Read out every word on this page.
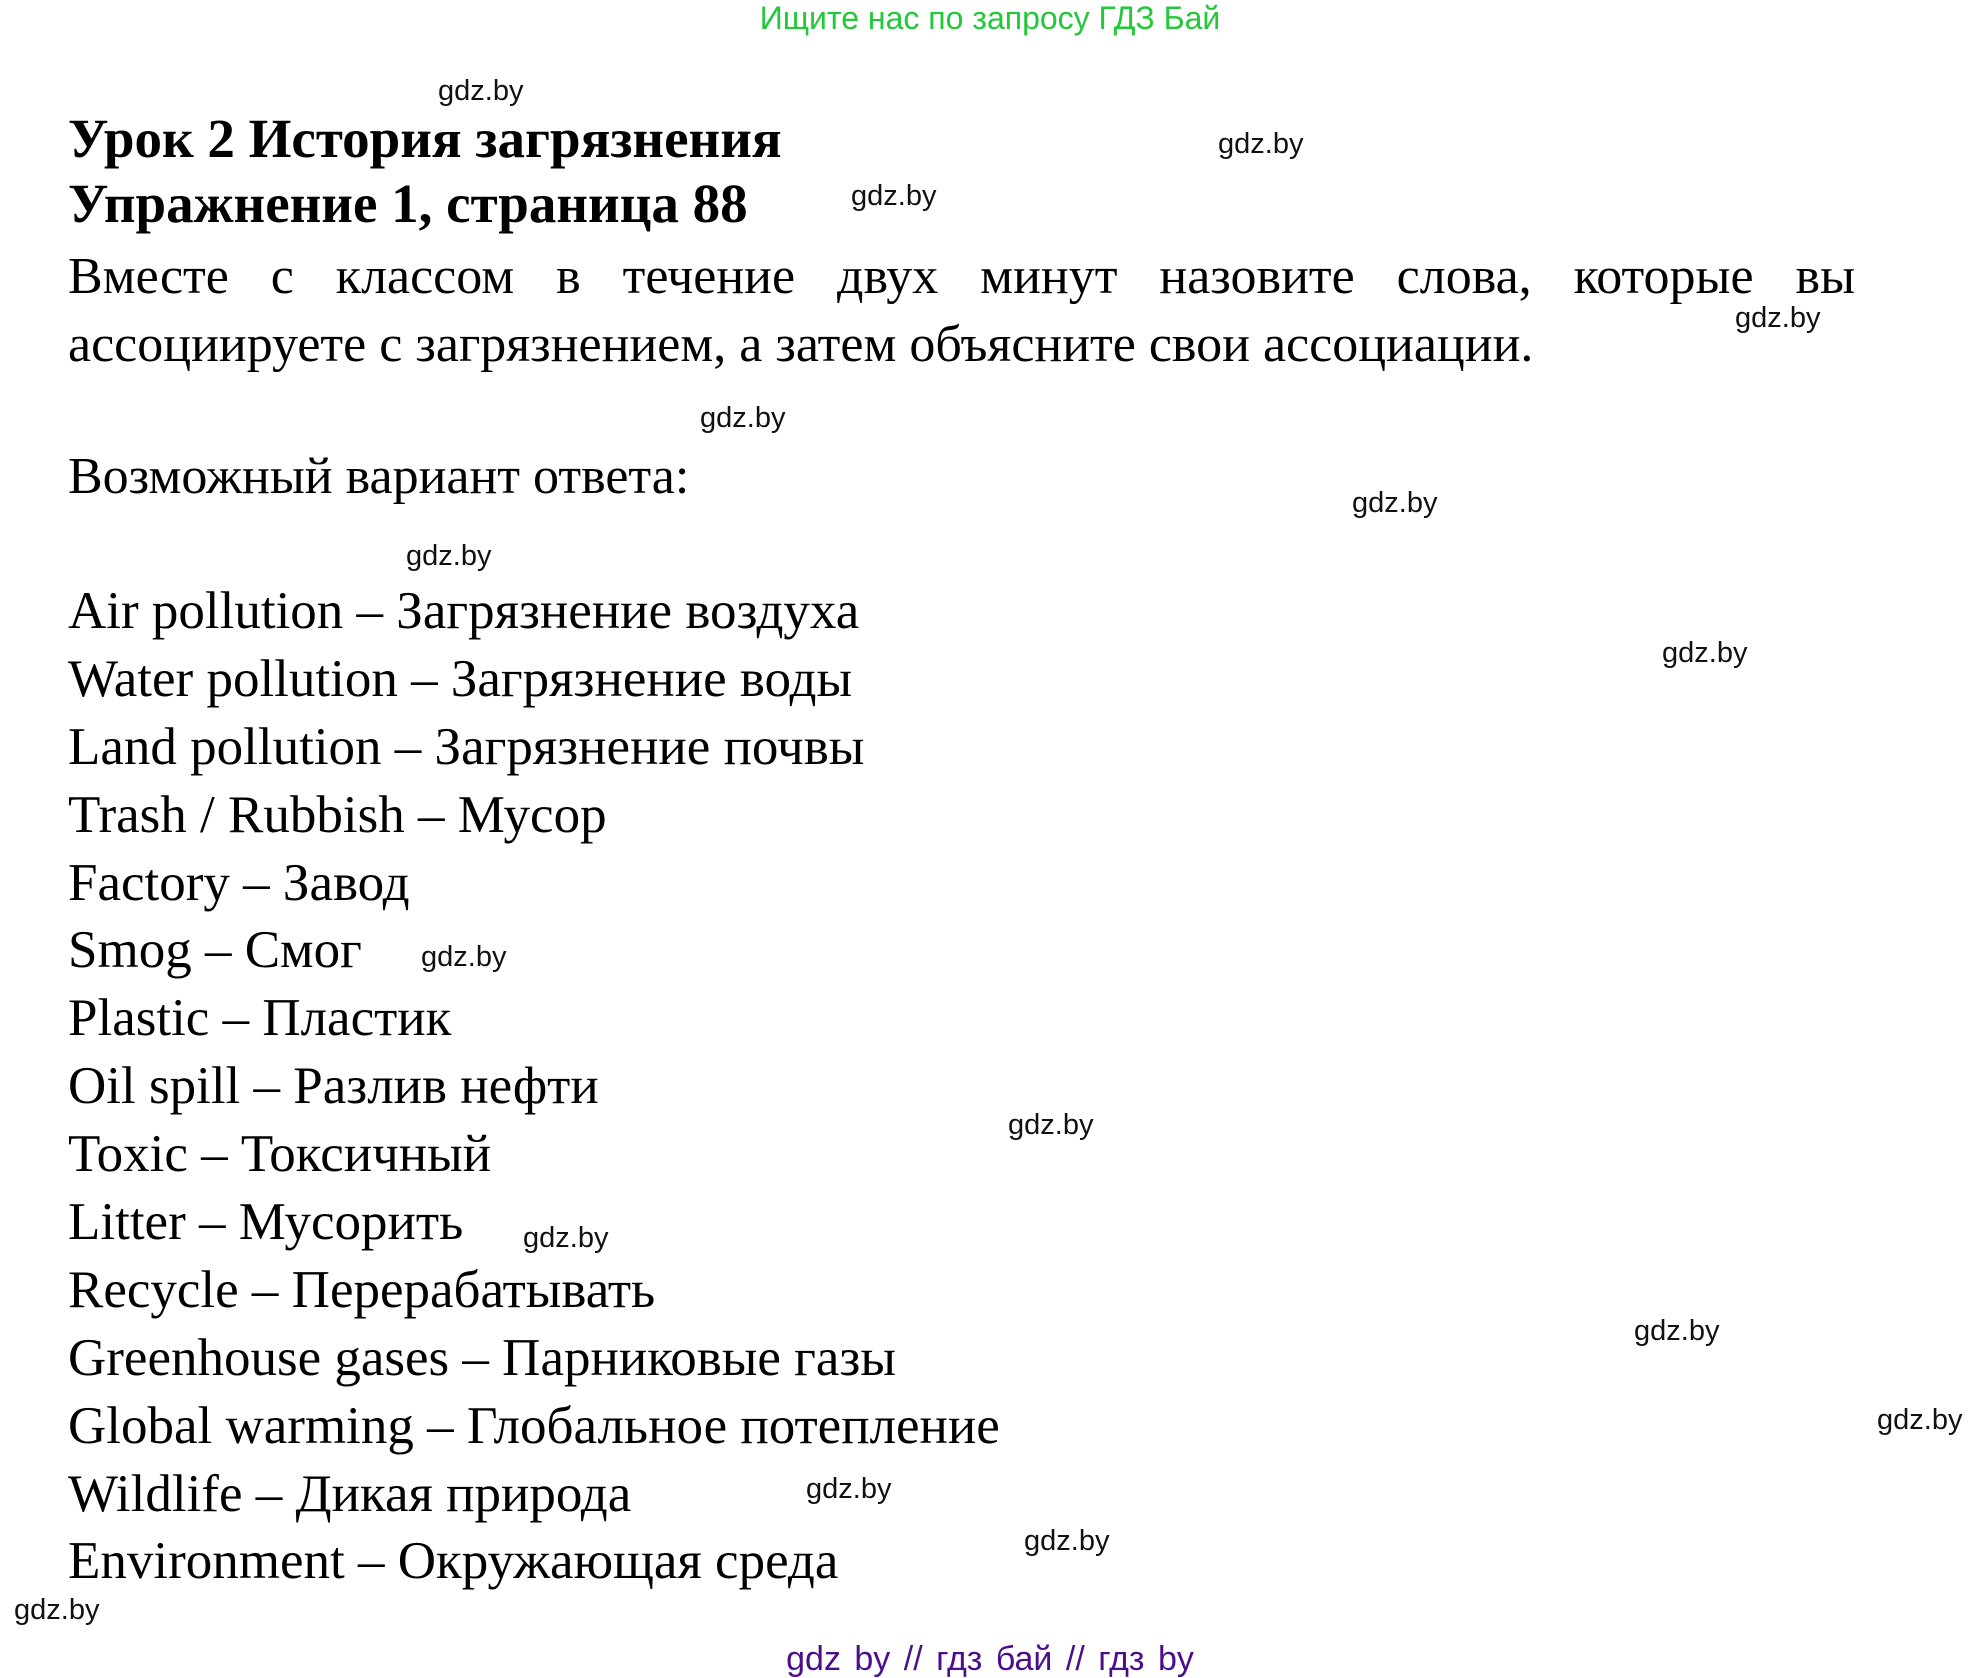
Ищите нас по запросу ГДЗ Бай
Урок 2 История загрязнения
Упражнение 1, страница 88
Вместе с классом в течение двух минут назовите слова, которые вы
ассоциируете с загрязнением, а затем объясните свои ассоциации.
Возможный вариант ответа:
Air pollution – Загрязнение воздуха
Water pollution – Загрязнение воды
Land pollution – Загрязнение почвы
Trash / Rubbish – Мусор
Factory – Завод
Smog – Смог
Plastic – Пластик
Oil spill – Разлив нефти
Toxic – Токсичный
Litter – Мусорить
Recycle – Перерабатывать
Greenhouse gases – Парниковые газы
Global warming – Глобальное потепление
Wildlife – Дикая природа
Environment – Окружающая среда
gdz.by
gdz.by
gdz.by
gdz.by
gdz.by
gdz.by
gdz.by
gdz.by
gdz.by
gdz.by
gdz.by
gdz.by
gdz.by
gdz.by
gdz.by
gdz.by
gdz by // гдз бай // гдз by
